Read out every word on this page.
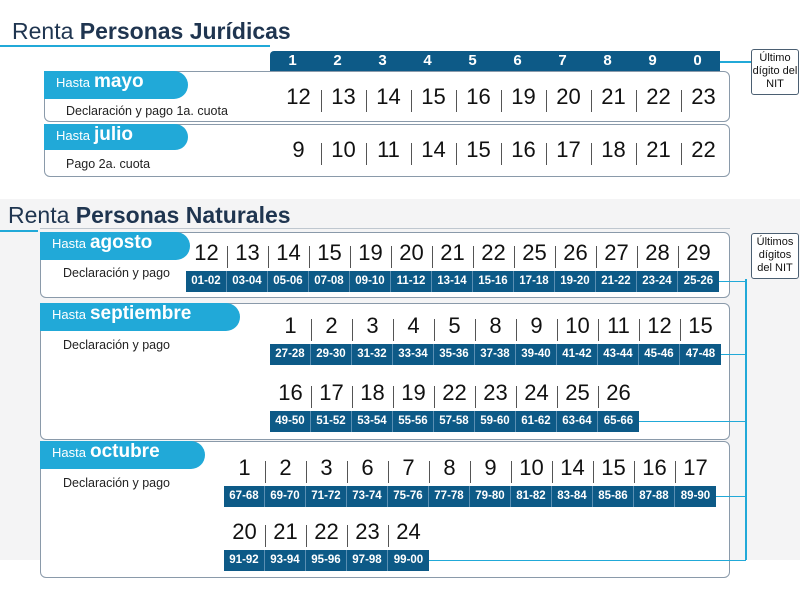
Renta Personas Jurídicas
1	2	3	4	5	6	7	8	9	0	Último dígito del NIT
Hasta mayo
Declaración y pago 1a. cuota
12 13 14 15 16 19 20 21 22 23
Hasta julio
Pago 2a. cuota
9	10 11 14 15 16 17 18 21 22
Renta Personas Naturales
Últimos dígitos del NIT
Hasta agosto
Declaración y pago
Hasta septiembre
Declaración y pago
Hasta octubre
Declaración y pago
12 13 14 15 19 20 21 22 25 26 27 28 29
01-02	03-04	05-06	07-08	09-10	11-12	13-14	15-16	17-18	19-20	21-22	23-24	25-26
1	2	3	4	5	8	9	10 11 12 15
27-28	29-30	31-32	33-34	35-36	37-38	39-40	41-42	43-44	45-46	47-48
16 17 18 19 22 23 24 25 26
49-50	51-52	53-54	55-56	57-58	59-60	61-62	63-64	65-66
1	2	3	6	7	8	9	10 14 15 16 17
67-68	69-70	71-72	73-74	75-76	77-78	79-80	81-82	83-84	85-86	87-88	89-90
20 21 22 23 24
91-92	93-94	95-96	97-98	99-00
